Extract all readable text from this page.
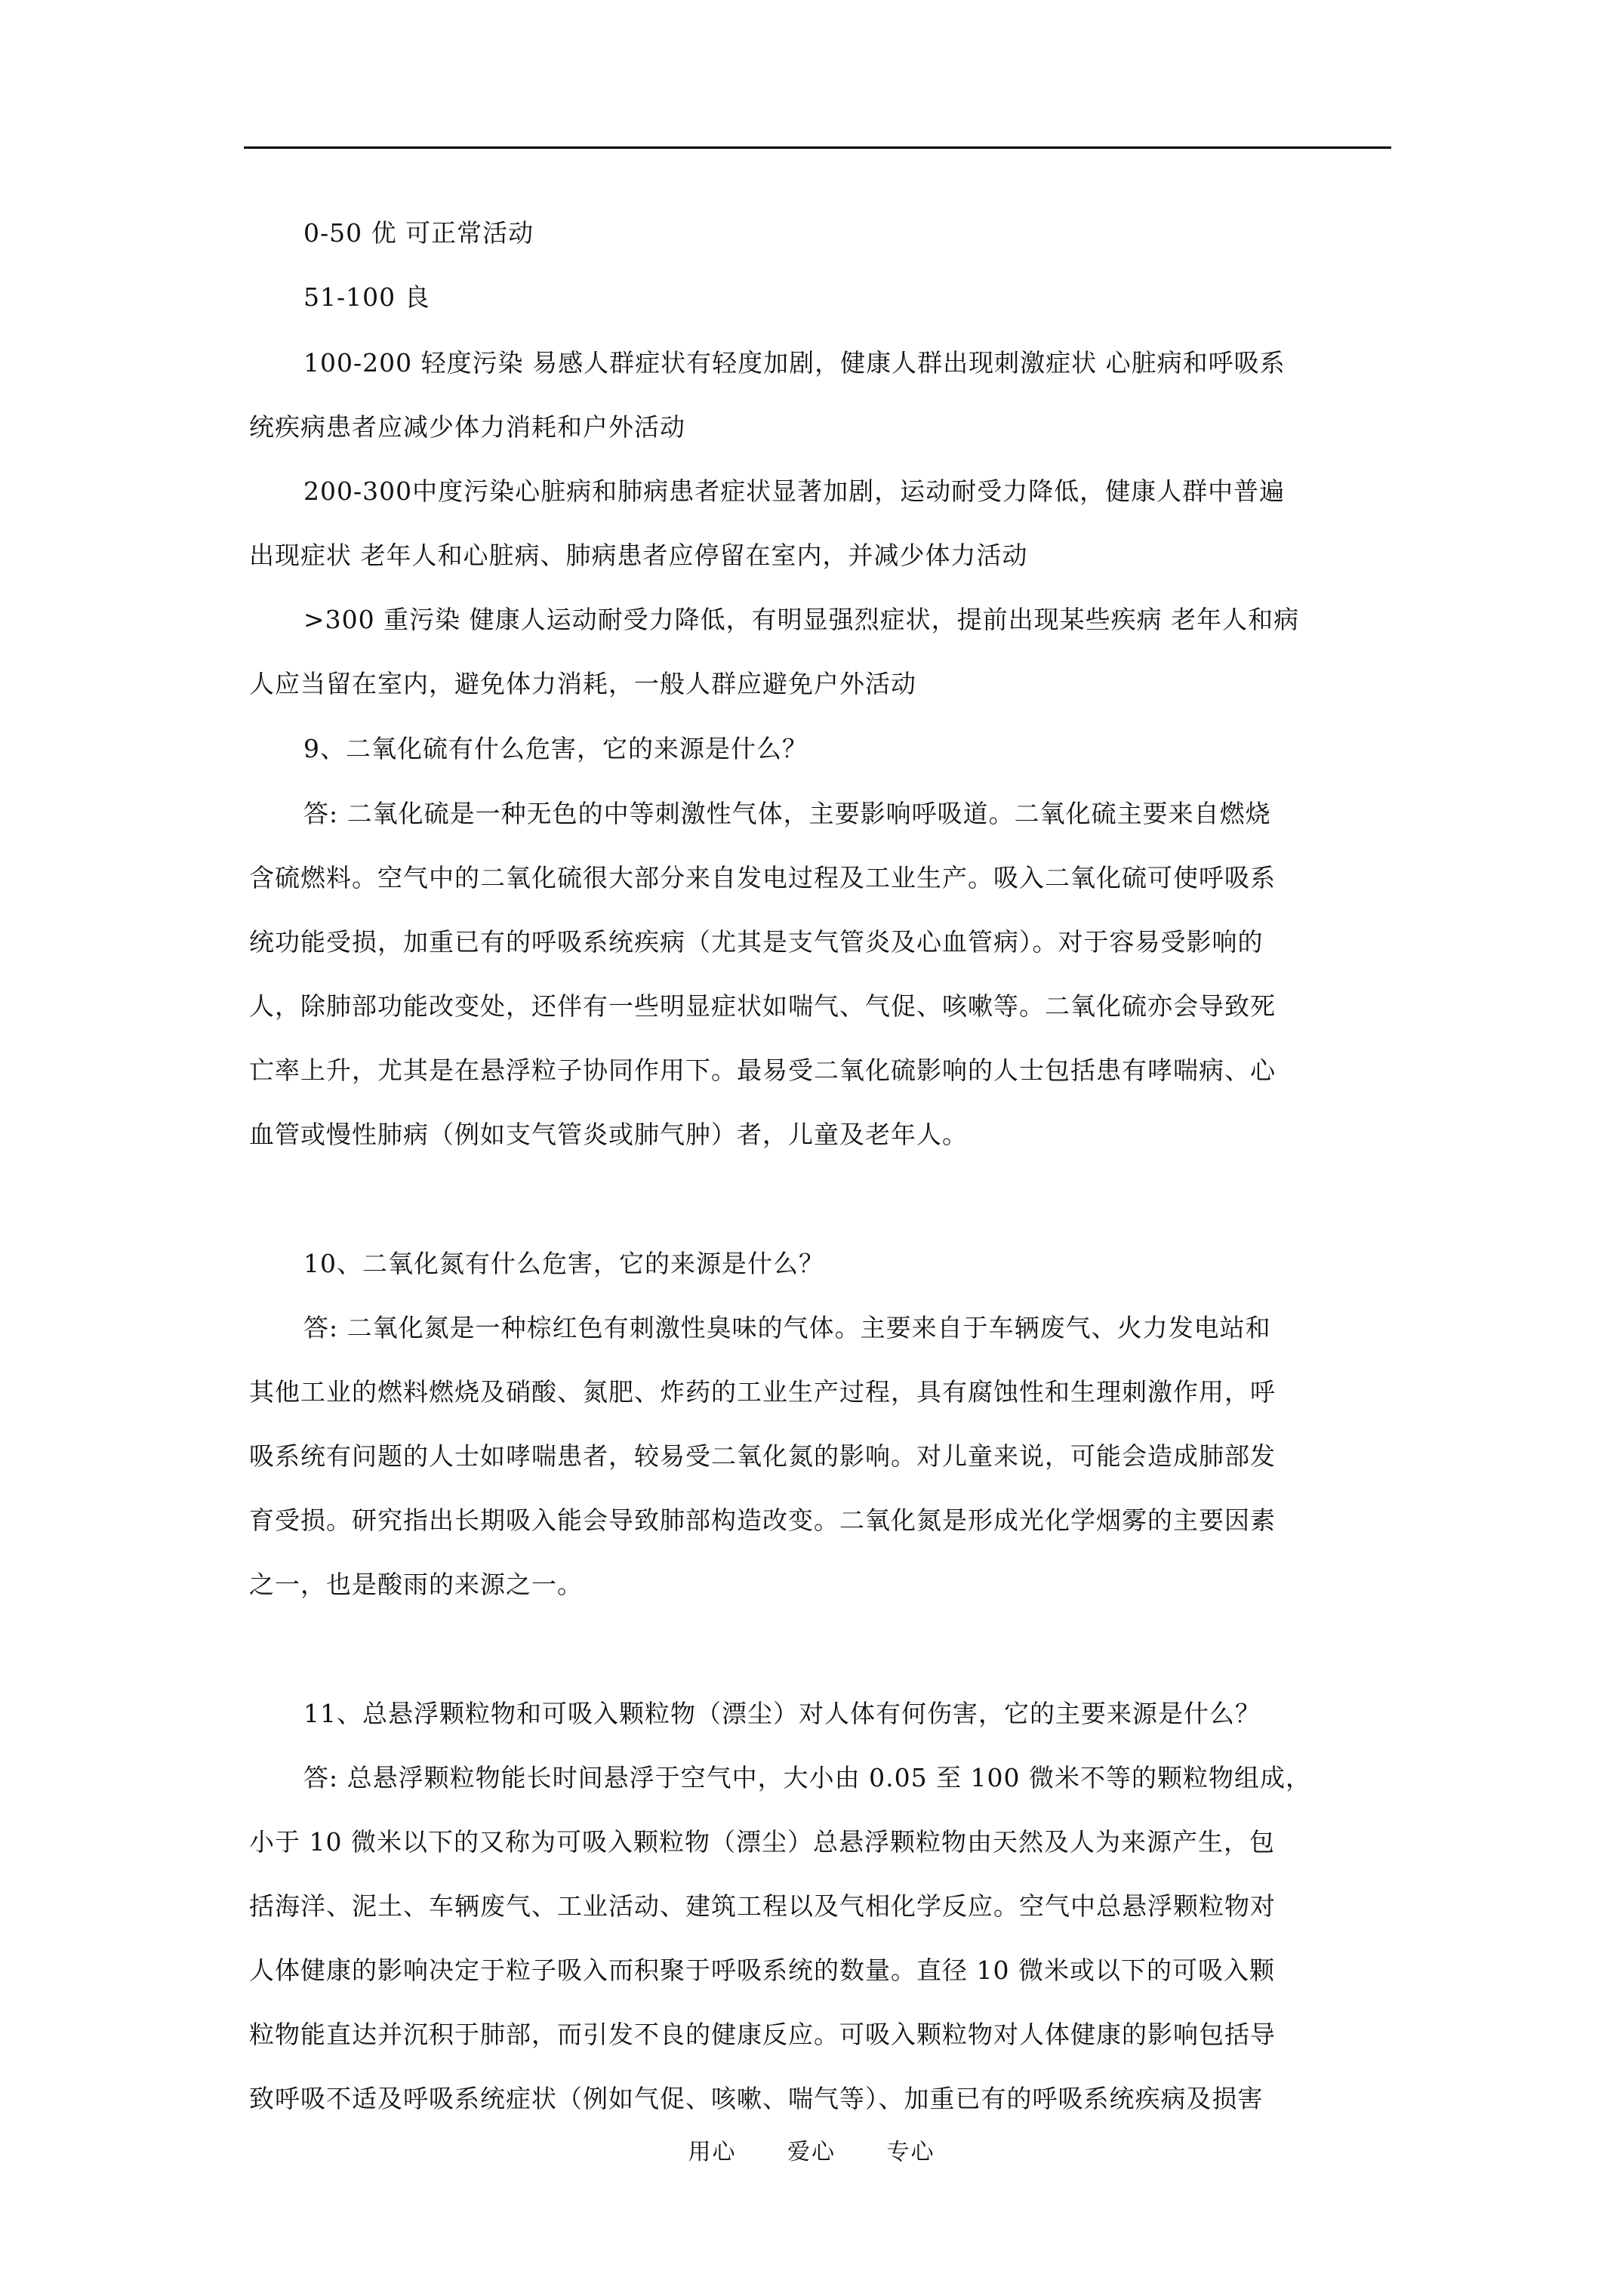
0-50 优 可正常活动
51-100 良
100-200 轻度污染 易感人群症状有轻度加剧，健康人群出现刺激症状 心脏病和呼吸系
统疾病患者应减少体力消耗和户外活动
200-300中度污染心脏病和肺病患者症状显著加剧，运动耐受力降低，健康人群中普遍
出现症状 老年人和心脏病、肺病患者应停留在室内，并减少体力活动
>300 重污染 健康人运动耐受力降低，有明显强烈症状，提前出现某些疾病 老年人和病
人应当留在室内，避免体力消耗，一般人群应避免户外活动
9、二氧化硫有什么危害，它的来源是什么？
答: 二氧化硫是一种无色的中等刺激性气体，主要影响呼吸道。二氧化硫主要来自燃烧
含硫燃料。空气中的二氧化硫很大部分来自发电过程及工业生产。吸入二氧化硫可使呼吸系
统功能受损，加重已有的呼吸系统疾病（尤其是支气管炎及心血管病）。对于容易受影响的
人，除肺部功能改变处，还伴有一些明显症状如喘气、气促、咳嗽等。二氧化硫亦会导致死
亡率上升，尤其是在悬浮粒子协同作用下。最易受二氧化硫影响的人士包括患有哮喘病、心
血管或慢性肺病（例如支气管炎或肺气肿）者，儿童及老年人。
10、二氧化氮有什么危害，它的来源是什么？
答: 二氧化氮是一种棕红色有刺激性臭味的气体。主要来自于车辆废气、火力发电站和
其他工业的燃料燃烧及硝酸、氮肥、炸药的工业生产过程，具有腐蚀性和生理刺激作用，呼
吸系统有问题的人士如哮喘患者，较易受二氧化氮的影响。对儿童来说，可能会造成肺部发
育受损。研究指出长期吸入能会导致肺部构造改变。二氧化氮是形成光化学烟雾的主要因素
之一，也是酸雨的来源之一。
11、总悬浮颗粒物和可吸入颗粒物（漂尘）对人体有何伤害，它的主要来源是什么？
答: 总悬浮颗粒物能长时间悬浮于空气中，大小由 0.05 至 100 微米不等的颗粒物组成，
小于 10 微米以下的又称为可吸入颗粒物（漂尘）总悬浮颗粒物由天然及人为来源产生，包
括海洋、泥土、车辆废气、工业活动、建筑工程以及气相化学反应。空气中总悬浮颗粒物对
人体健康的影响决定于粒子吸入而积聚于呼吸系统的数量。直径 10 微米或以下的可吸入颗
粒物能直达并沉积于肺部，而引发不良的健康反应。可吸入颗粒物对人体健康的影响包括导
致呼吸不适及呼吸系统症状（例如气促、咳嗽、喘气等）、加重已有的呼吸系统疾病及损害
用心 爱心 专心
